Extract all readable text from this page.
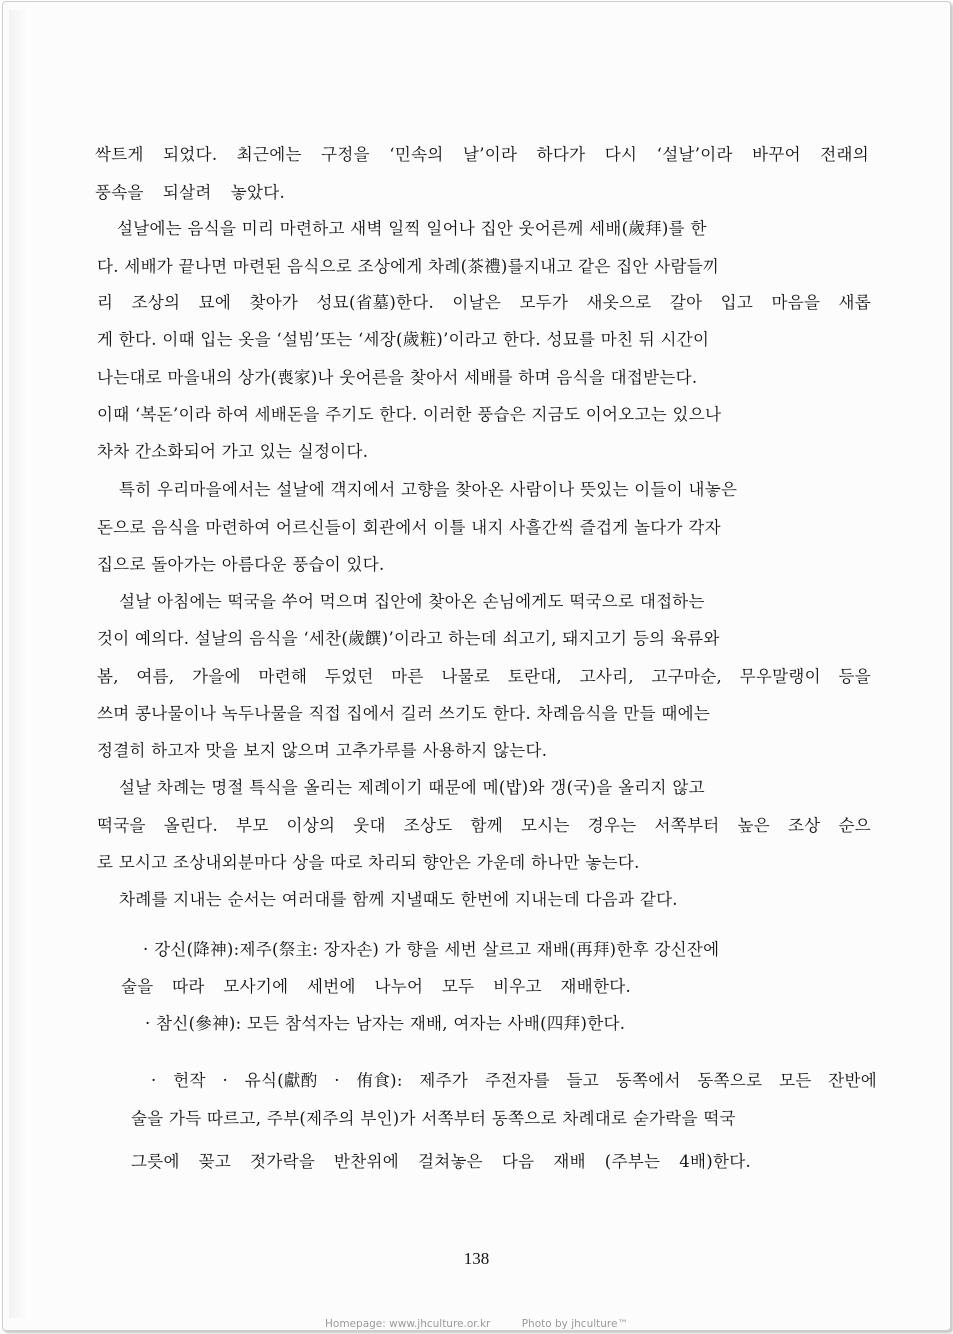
싹트게 되었다. 최근에는 구정을 ‘민속의 날’이라 하다가 다시 ‘설날’이라 바꾸어 전래의
풍속을 되살려 놓았다.
설날에는 음식을 미리 마련하고 새벽 일찍 일어나 집안 웃어른께 세배(歲拜)를 한
다. 세배가 끝나면 마련된 음식으로 조상에게 차례(茶禮)를지내고 같은 집안 사람들끼
리 조상의 묘에 찾아가 성묘(省墓)한다. 이날은 모두가 새옷으로 갈아 입고 마음을 새롭
게 한다. 이때 입는 옷을 ‘설빔’또는 ‘세장(歲粧)’이라고 한다. 성묘를 마친 뒤 시간이
나는대로 마을내의 상가(喪家)나 웃어른을 찾아서 세배를 하며 음식을 대접받는다.
이때 ‘복돈’이라 하여 세배돈을 주기도 한다. 이러한 풍습은 지금도 이어오고는 있으나
차차 간소화되어 가고 있는 실정이다.
특히 우리마을에서는 설날에 객지에서 고향을 찾아온 사람이나 뜻있는 이들이 내놓은
돈으로 음식을 마련하여 어르신들이 회관에서 이틀 내지 사흘간씩 즐겁게 놀다가 각자
집으로 돌아가는 아름다운 풍습이 있다.
설날 아침에는 떡국을 쑤어 먹으며 집안에 찾아온 손님에게도 떡국으로 대접하는
것이 예의다. 설날의 음식을 ‘세찬(歲饌)’이라고 하는데 쇠고기, 돼지고기 등의 육류와
봄, 여름, 가을에 마련해 두었던 마른 나물로 토란대, 고사리, 고구마순, 무우말랭이 등을
쓰며 콩나물이나 녹두나물을 직접 집에서 길러 쓰기도 한다. 차례음식을 만들 때에는
정결히 하고자 맛을 보지 않으며 고추가루를 사용하지 않는다.
설날 차례는 명절 특식을 올리는 제례이기 때문에 메(밥)와 갱(국)을 올리지 않고
떡국을 올린다. 부모 이상의 웃대 조상도 함께 모시는 경우는 서쪽부터 높은 조상 순으
로 모시고 조상내외분마다 상을 따로 차리되 향안은 가운데 하나만 놓는다.
차례를 지내는 순서는 여러대를 함께 지낼때도 한번에 지내는데 다음과 같다.
· 강신(降神):제주(祭主: 장자손) 가 향을 세번 살르고 재배(再拜)한후 강신잔에
술을 따라 모사기에 세번에 나누어 모두 비우고 재배한다.
· 참신(參神): 모든 참석자는 남자는 재배, 여자는 사배(四拜)한다.
· 헌작 · 유식(獻酌 · 侑食): 제주가 주전자를 들고 동쪽에서 동쪽으로 모든 잔반에
술을 가득 따르고, 주부(제주의 부인)가 서쪽부터 동쪽으로 차례대로 숟가락을 떡국
그릇에 꽂고 젓가락을 반찬위에 걸쳐놓은 다음 재배 (주부는 4배)한다.
138
Homepage: www.jhculture.or.kr	Photo by jhculture™
